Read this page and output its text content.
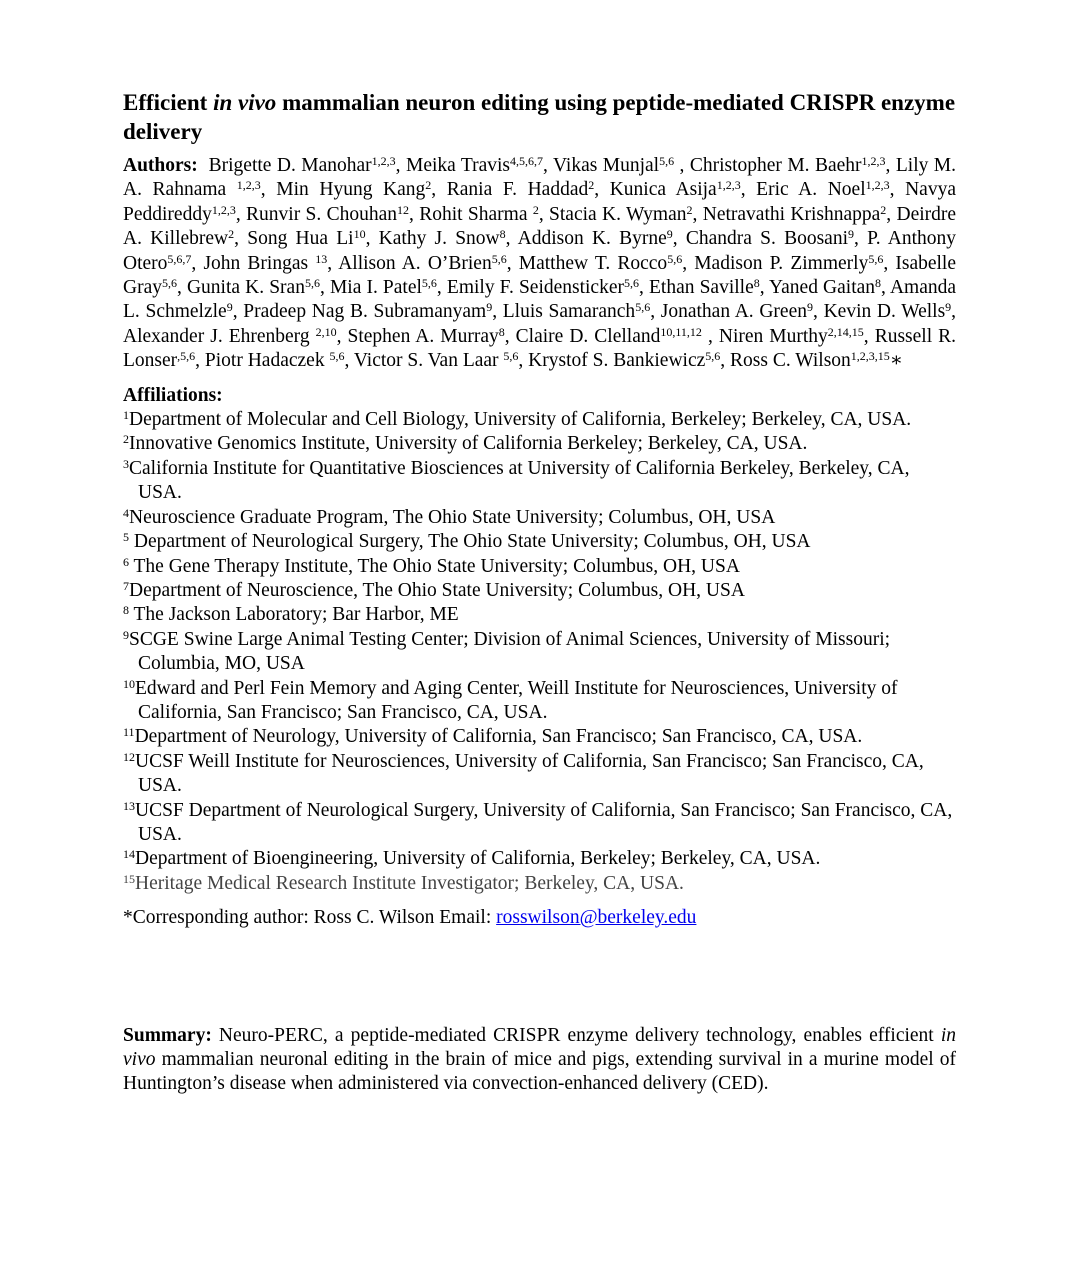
Efficient in vivo mammalian neuron editing using peptide-mediated CRISPR enzyme delivery

Authors: Brigette D. Manohar$^{1,2,3}$, Meika Travis$^{4,5,6,7}$, Vikas Munjal$^{5,6}$ , Christopher M. Baehr$^{1,2,3}$, Lily M. A. Rahnama $^{1,2,3}$, Min Hyung Kang$^2$, Rania F. Haddad$^2$, Kunica Asija$^{1,2,3}$, Eric A. Noel$^{1,2,3}$, Navya Peddireddy$^{1,2,3}$, Runvir S. Chouhan$^{12}$, Rohit Sharma $^2$, Stacia K. Wyman$^2$, Netravathi Krishnappa$^2$, Deirdre A. Killebrew$^2$, Song Hua Li$^{10}$, Kathy J. Snow$^8$, Addison K. Byrne$^9$, Chandra S. Boosani$^9$, P. Anthony Otero$^{5,6,7}$, John Bringas $^{13}$, Allison A. O’Brien$^{5,6}$, Matthew T. Rocco$^{5,6}$, Madison P. Zimmerly$^{5,6}$, Isabelle Gray$^{5,6}$, Gunita K. Sran$^{5,6}$, Mia I. Patel$^{5,6}$, Emily F. Seidensticker$^{5,6}$, Ethan Saville$^8$, Yaned Gaitan$^8$, Amanda L. Schmelzle$^9$, Pradeep Nag B. Subramanyam$^9$, Lluis Samaranch$^{5,6}$, Jonathan A. Green$^9$, Kevin D. Wells$^9$, Alexander J. Ehrenberg $^{2,10}$, Stephen A. Murray$^8$, Claire D. Clelland$^{10,11,12}$ , Niren Murthy$^{2,14,15}$, Russell R. Lonser$^{,5,6}$, Piotr Hadaczek $^{5,6}$, Victor S. Van Laar $^{5,6}$, Krystof S. Bankiewicz$^{5,6}$, Ross C. Wilson$^{1,2,3,15}$∗

Affiliations:
$^1$Department of Molecular and Cell Biology, University of California, Berkeley; Berkeley, CA, USA.
$^2$Innovative Genomics Institute, University of California Berkeley; Berkeley, CA, USA.
$^3$California Institute for Quantitative Biosciences at University of California Berkeley, Berkeley, CA, USA.
$^4$Neuroscience Graduate Program, The Ohio State University; Columbus, OH, USA
$^5$ Department of Neurological Surgery, The Ohio State University; Columbus, OH, USA
$^6$ The Gene Therapy Institute, The Ohio State University; Columbus, OH, USA
$^7$Department of Neuroscience, The Ohio State University; Columbus, OH, USA
$^8$ The Jackson Laboratory; Bar Harbor, ME
$^9$SCGE Swine Large Animal Testing Center; Division of Animal Sciences, University of Missouri; Columbia, MO, USA
$^{10}$Edward and Perl Fein Memory and Aging Center, Weill Institute for Neurosciences, University of California, San Francisco; San Francisco, CA, USA.
$^{11}$Department of Neurology, University of California, San Francisco; San Francisco, CA, USA.
$^{12}$UCSF Weill Institute for Neurosciences, University of California, San Francisco; San Francisco, CA, USA.
$^{13}$UCSF Department of Neurological Surgery, University of California, San Francisco; San Francisco, CA, USA.
$^{14}$Department of Bioengineering, University of California, Berkeley; Berkeley, CA, USA.
$^{15}$Heritage Medical Research Institute Investigator; Berkeley, CA, USA.
*Corresponding author: Ross C. Wilson Email: rosswilson@berkeley.edu

Summary: Neuro-PERC, a peptide-mediated CRISPR enzyme delivery technology, enables efficient in vivo mammalian neuronal editing in the brain of mice and pigs, extending survival in a murine model of Huntington’s disease when administered via convection-enhanced delivery (CED).
